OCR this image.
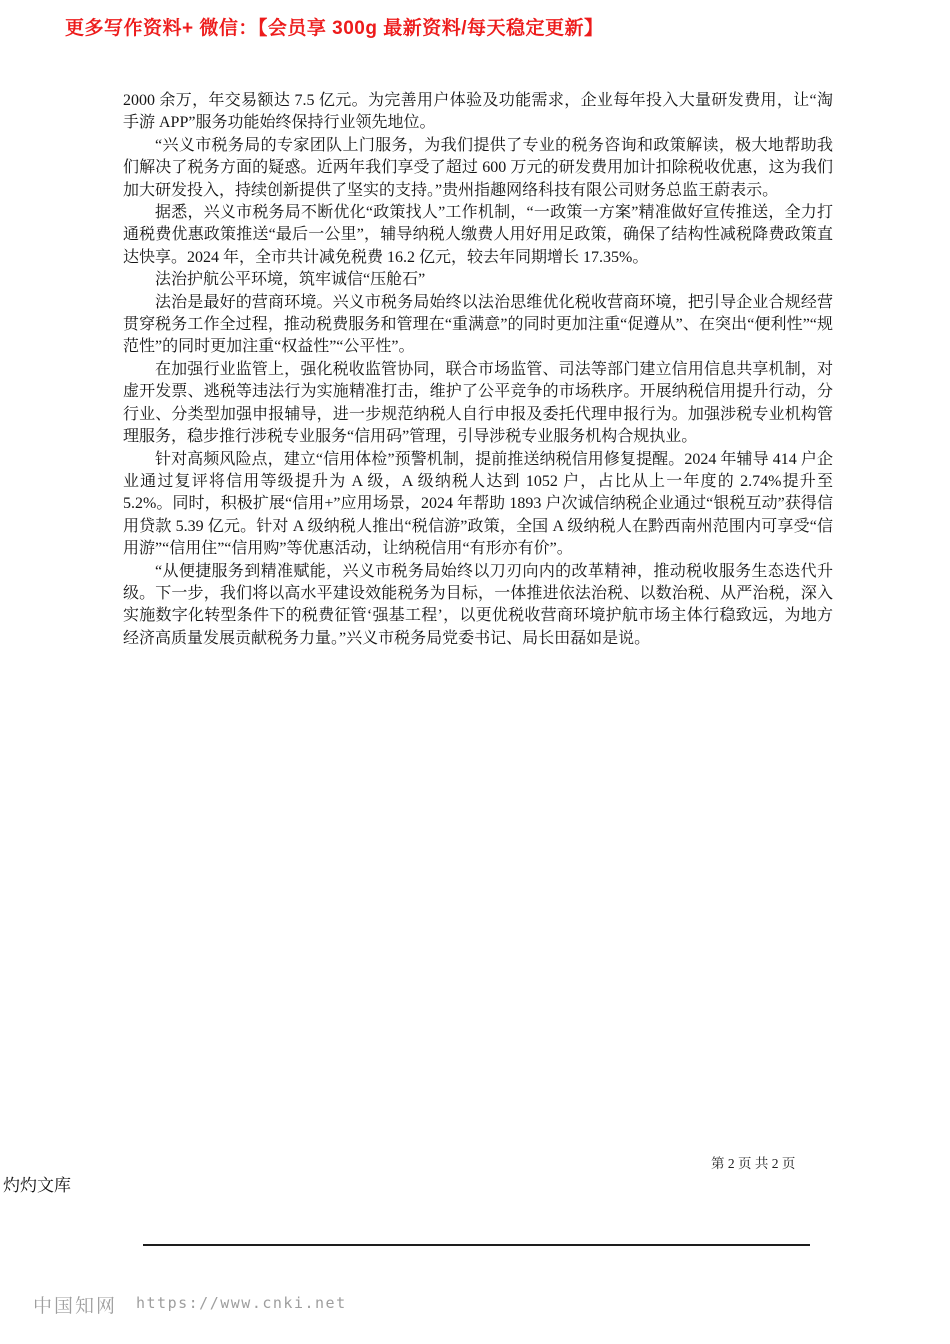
更多写作资料+ 微信：【会员享 300g 最新资料/每天稳定更新】

2000 余万，年交易额达 7.5 亿元。为完善用户体验及功能需求，企业每年投入大量研发费用，让“淘手游 APP”服务功能始终保持行业领先地位。

“兴义市税务局的专家团队上门服务，为我们提供了专业的税务咨询和政策解读，极大地帮助我们解决了税务方面的疑惑。近两年我们享受了超过 600 万元的研发费用加计扣除税收优惠，这为我们加大研发投入，持续创新提供了坚实的支持。”贵州指趣网络科技有限公司财务总监王蔚表示。

据悉，兴义市税务局不断优化“政策找人”工作机制，“一政策一方案”精准做好宣传推送，全力打通税费优惠政策推送“最后一公里”，辅导纳税人缴费人用好用足政策，确保了结构性减税降费政策直达快享。2024 年，全市共计减免税费 16.2 亿元，较去年同期增长 17.35%。

法治护航公平环境，筑牢诚信“压舱石”

法治是最好的营商环境。兴义市税务局始终以法治思维优化税收营商环境，把引导企业合规经营贯穿税务工作全过程，推动税费服务和管理在“重满意”的同时更加注重“促遵从”、在突出“便利性”“规范性”的同时更加注重“权益性”“公平性”。

在加强行业监管上，强化税收监管协同，联合市场监管、司法等部门建立信用信息共享机制，对虚开发票、逃税等违法行为实施精准打击，维护了公平竞争的市场秩序。开展纳税信用提升行动，分行业、分类型加强申报辅导，进一步规范纳税人自行申报及委托代理申报行为。加强涉税专业机构管理服务，稳步推行涉税专业服务“信用码”管理，引导涉税专业服务机构合规执业。

针对高频风险点，建立“信用体检”预警机制，提前推送纳税信用修复提醒。2024 年辅导 414 户企业通过复评将信用等级提升为 A 级，A 级纳税人达到 1052 户，占比从上一年度的 2.74%提升至 5.2%。同时，积极扩展“信用+”应用场景，2024 年帮助 1893 户次诚信纳税企业通过“银税互动”获得信用贷款 5.39 亿元。针对 A 级纳税人推出“税信游”政策，全国 A 级纳税人在黔西南州范围内可享受“信用游”“信用住”“信用购”等优惠活动，让纳税信用“有形亦有价”。

“从便捷服务到精准赋能，兴义市税务局始终以刀刃向内的改革精神，推动税收服务生态迭代升级。下一步，我们将以高水平建设效能税务为目标，一体推进依法治税、以数治税、从严治税，深入实施数字化转型条件下的税费征管‘强基工程’，以更优税收营商环境护航市场主体行稳致远，为地方经济高质量发展贡献税务力量。”兴义市税务局党委书记、局长田磊如是说。

第 2 页 共 2 页
灼灼文库
中国知网 https://www.cnki.net
